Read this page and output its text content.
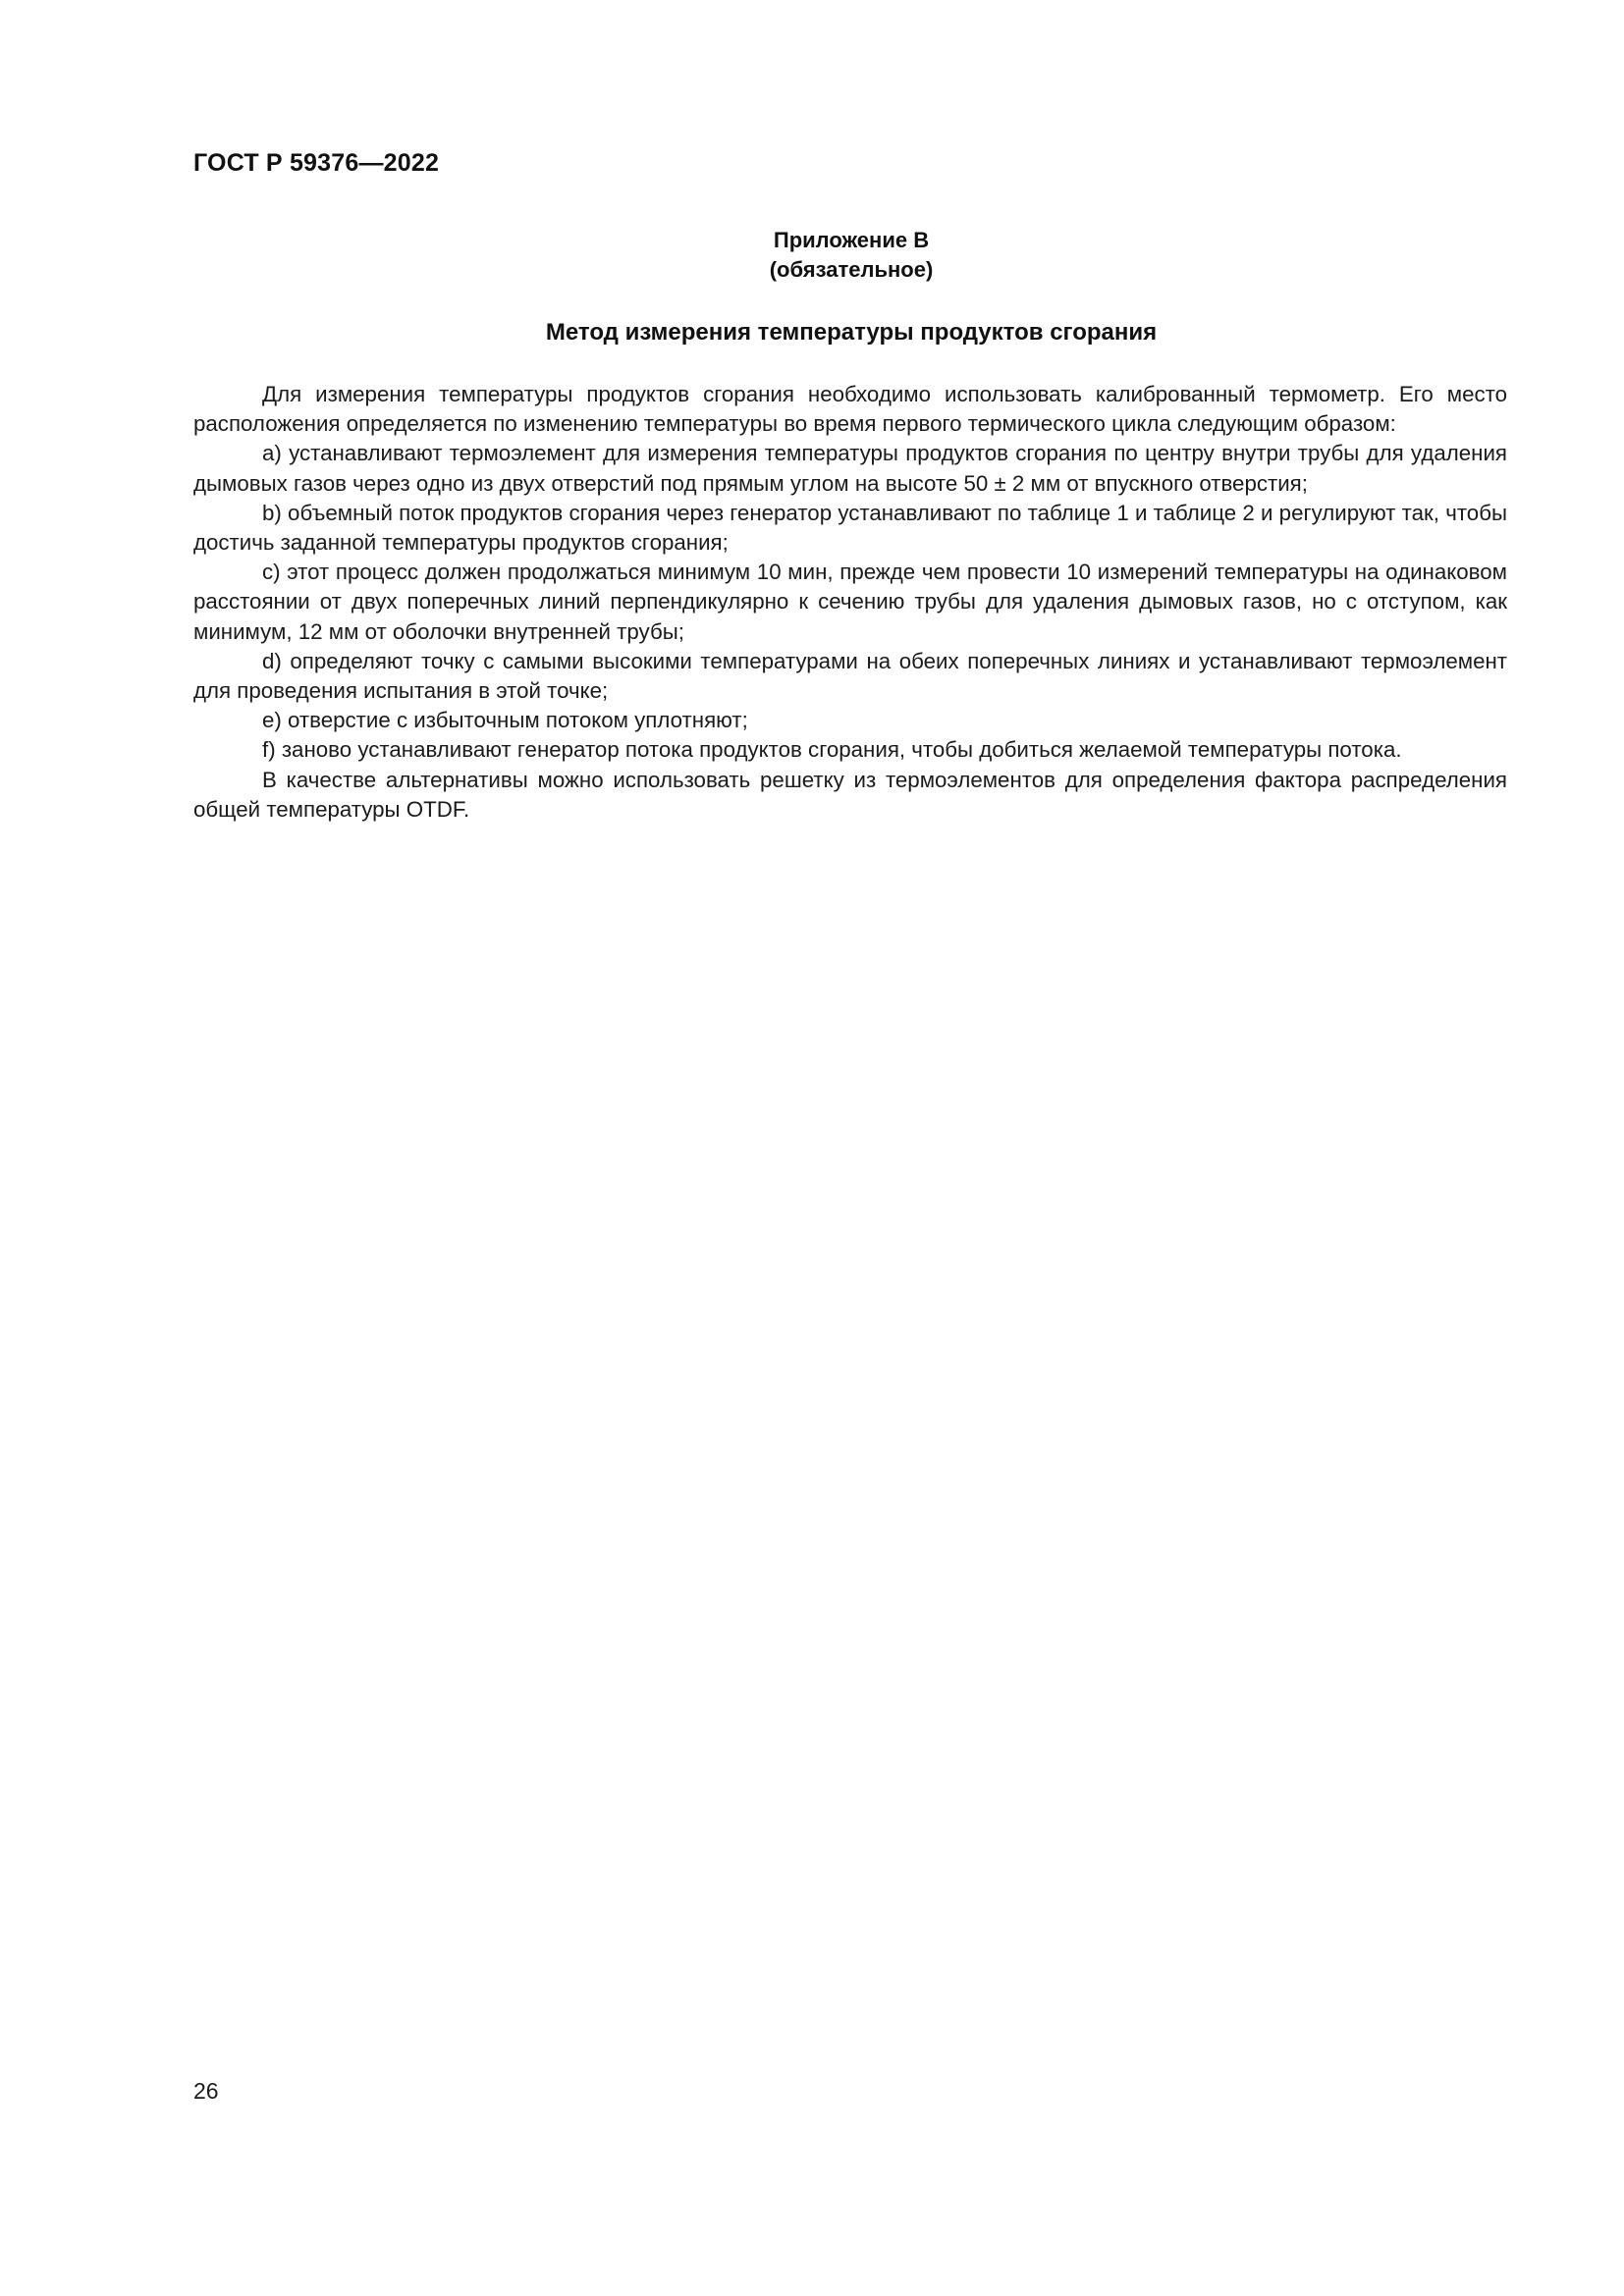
ГОСТ Р 59376—2022
Приложение В
(обязательное)
Метод измерения температуры продуктов сгорания

Для измерения температуры продуктов сгорания необходимо использовать калиброванный термометр. Его место расположения определяется по изменению температуры во время первого термического цикла следующим образом:

a) устанавливают термоэлемент для измерения температуры продуктов сгорания по центру внутри трубы для удаления дымовых газов через одно из двух отверстий под прямым углом на высоте 50 ± 2 мм от впускного отверстия;

b) объемный поток продуктов сгорания через генератор устанавливают по таблице 1 и таблице 2 и регулируют так, чтобы достичь заданной температуры продуктов сгорания;

c) этот процесс должен продолжаться минимум 10 мин, прежде чем провести 10 измерений температуры на одинаковом расстоянии от двух поперечных линий перпендикулярно к сечению трубы для удаления дымовых газов, но с отступом, как минимум, 12 мм от оболочки внутренней трубы;

d) определяют точку с самыми высокими температурами на обеих поперечных линиях и устанавливают термоэлемент для проведения испытания в этой точке;

e) отверстие с избыточным потоком уплотняют;

f) заново устанавливают генератор потока продуктов сгорания, чтобы добиться желаемой температуры потока.

В качестве альтернативы можно использовать решетку из термоэлементов для определения фактора распределения общей температуры OTDF.

26
